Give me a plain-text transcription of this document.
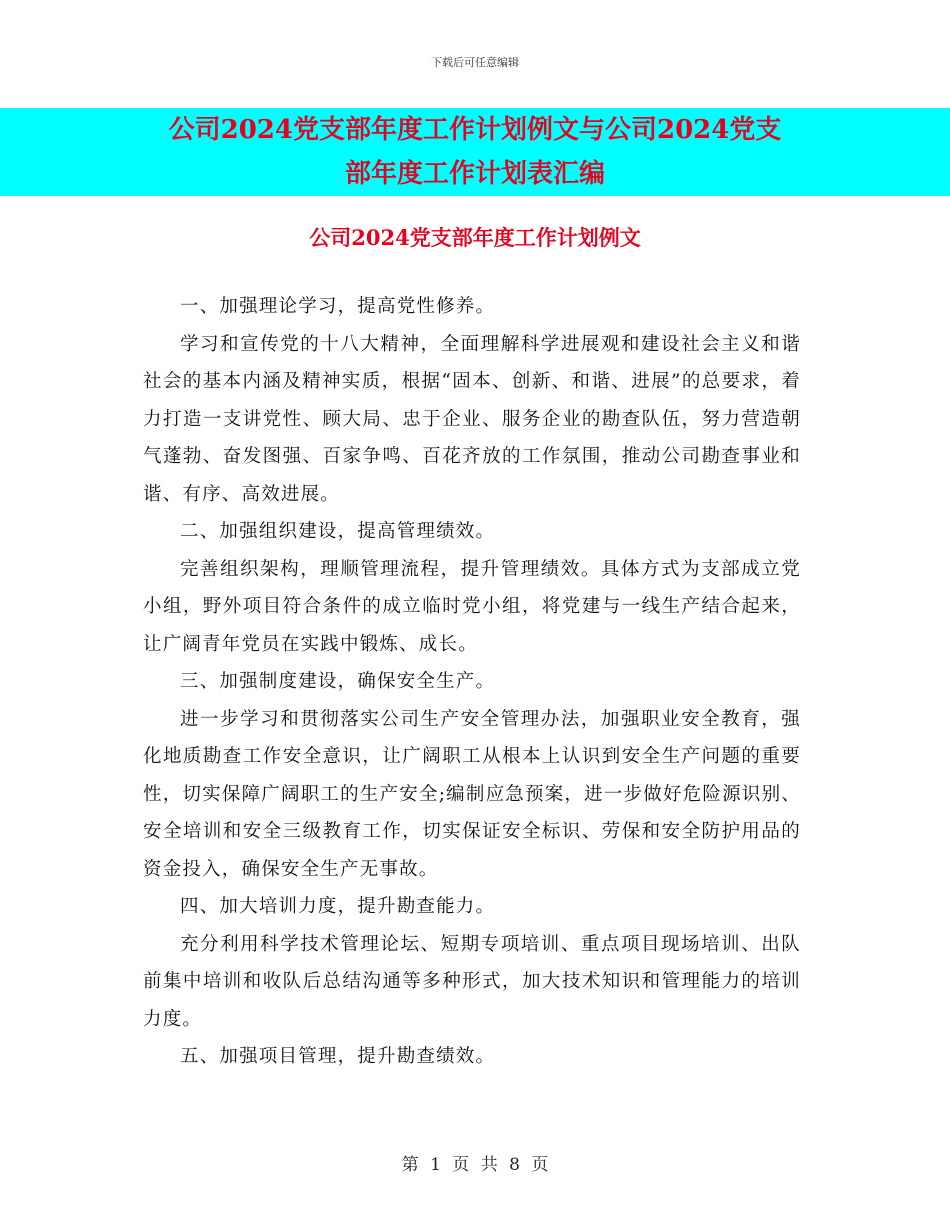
下载后可任意编辑
公司2024党支部年度工作计划例文与公司2024党支
部年度工作计划表汇编
公司2024党支部年度工作计划例文

一、加强理论学习，提高党性修养。

学习和宣传党的十八大精神，全面理解科学进展观和建设社会主义和谐社会的基本内涵及精神实质，根据“固本、创新、和谐、进展”的总要求，着力打造一支讲党性、顾大局、忠于企业、服务企业的勘查队伍，努力营造朝气蓬勃、奋发图强、百家争鸣、百花齐放的工作氛围，推动公司勘查事业和谐、有序、高效进展。

二、加强组织建设，提高管理绩效。

完善组织架构，理顺管理流程，提升管理绩效。具体方式为支部成立党小组，野外项目符合条件的成立临时党小组，将党建与一线生产结合起来，让广阔青年党员在实践中锻炼、成长。

三、加强制度建设，确保安全生产。

进一步学习和贯彻落实公司生产安全管理办法，加强职业安全教育，强化地质勘查工作安全意识，让广阔职工从根本上认识到安全生产问题的重要性，切实保障广阔职工的生产安全;编制应急预案，进一步做好危险源识别、安全培训和安全三级教育工作，切实保证安全标识、劳保和安全防护用品的资金投入，确保安全生产无事故。

四、加大培训力度，提升勘查能力。

充分利用科学技术管理论坛、短期专项培训、重点项目现场培训、出队前集中培训和收队后总结沟通等多种形式，加大技术知识和管理能力的培训力度。

五、加强项目管理，提升勘查绩效。

第 1 页 共 8 页
